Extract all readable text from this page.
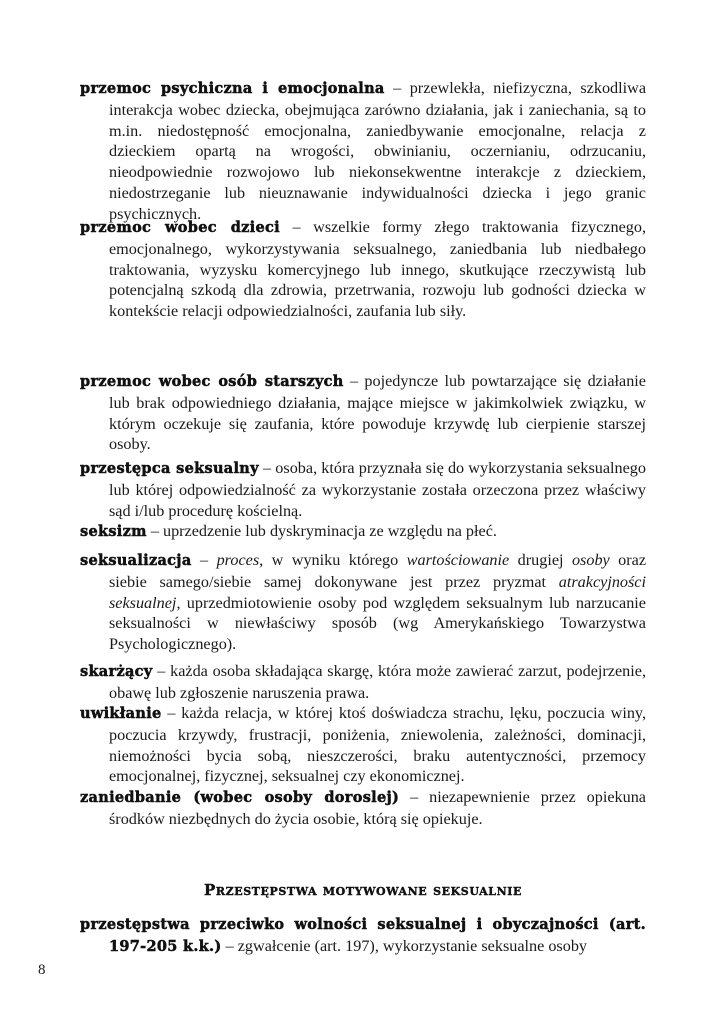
przemoc psychiczna i emocjonalna – przewlekła, niefizyczna, szkodliwa interakcja wobec dziecka, obejmująca zarówno działania, jak i zaniechania, są to m.in. niedostępność emocjonalna, zaniedbywanie emocjonalne, relacja z dzieckiem opartą na wrogości, obwinianiu, oczernianiu, odrzucaniu, nieodpowiednie rozwojowo lub niekonsekwentne interakcje z dzieckiem, niedostrzeganie lub nieuznawanie indywidualności dziecka i jego granic psychicznych.
przemoc wobec dzieci – wszelkie formy złego traktowania fizycznego, emocjonalnego, wykorzystywania seksualnego, zaniedbania lub niedbałego traktowania, wyzysku komercyjnego lub innego, skutkujące rzeczywistą lub potencjalną szkodą dla zdrowia, przetrwania, rozwoju lub godności dziecka w kontekście relacji odpowiedzialności, zaufania lub siły.
przemoc wobec osób starszych – pojedyncze lub powtarzające się działanie lub brak odpowiedniego działania, mające miejsce w jakimkolwiek związku, w którym oczekuje się zaufania, które powoduje krzywdę lub cierpienie starszej osoby.
przestępca seksualny – osoba, która przyznała się do wykorzystania seksualnego lub której odpowiedzialność za wykorzystanie została orzeczona przez właściwy sąd i/lub procedurę kościelną.
seksizm – uprzedzenie lub dyskryminacja ze względu na płeć.
seksualizacja – proces, w wyniku którego wartościowanie drugiej osoby oraz siebie samego/siebie samej dokonywane jest przez pryzmat atrakcyjności seksualnej, uprzedmiotowienie osoby pod względem seksualnym lub narzucanie seksualności w niewłaściwy sposób (wg Amerykańskiego Towarzystwa Psychologicznego).
skarżący – każda osoba składająca skargę, która może zawierać zarzut, podejrzenie, obawę lub zgłoszenie naruszenia prawa.
uwikłanie – każda relacja, w której ktoś doświadcza strachu, lęku, poczucia winy, poczucia krzywdy, frustracji, poniżenia, zniewolenia, zależności, dominacji, niemożności bycia sobą, nieszczerości, braku autentyczności, przemocy emocjonalnej, fizycznej, seksualnej czy ekonomicznej.
zaniedbanie (wobec osoby doroslej) – niezapewnienie przez opiekuna środków niezbędnych do życia osobie, którą się opiekuje.
Przestępstwa motywowane seksualnie
przestępstwa przeciwko wolności seksualnej i obyczajności (art. 197-205 k.k.) – zgwałcenie (art. 197), wykorzystanie seksualne osoby
8
